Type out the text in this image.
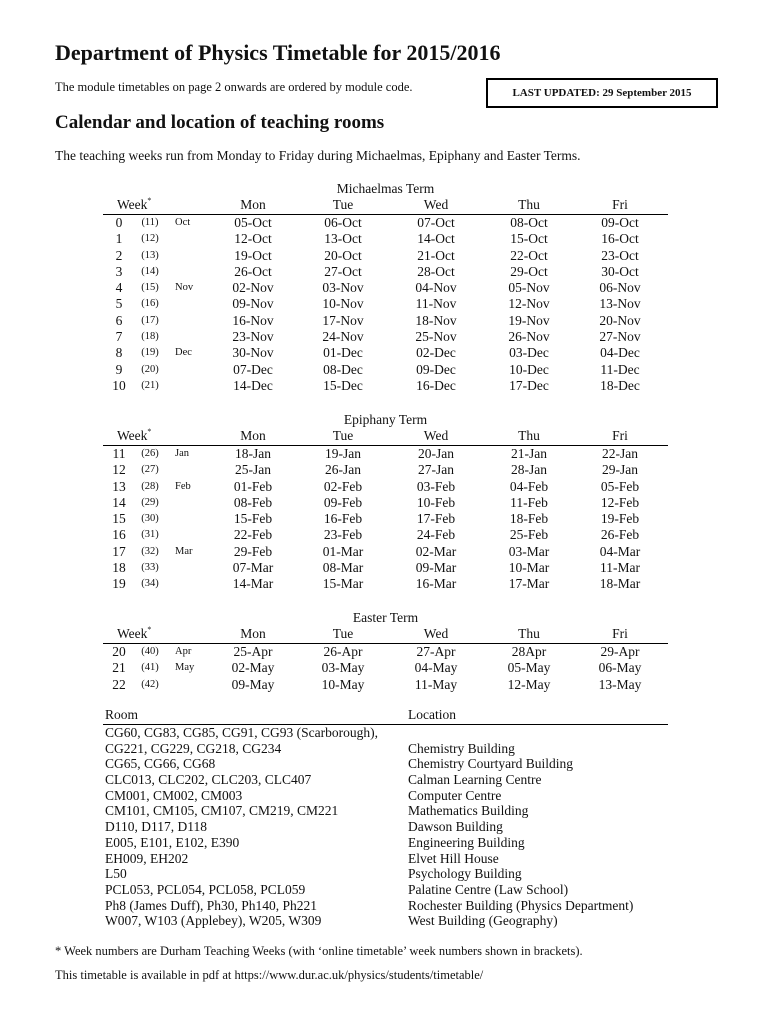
Department of Physics Timetable for 2015/2016
The module timetables on page 2 onwards are ordered by module code.	LAST UPDATED: 29 September 2015
Calendar and location of teaching rooms
The teaching weeks run from Monday to Friday during Michaelmas, Epiphany and Easter Terms.
Michaelmas Term
Week*	Mon	Tue	Wed	Thu	Fri
0	(11)	Oct	05-Oct	06-Oct	07-Oct	08-Oct	09-Oct
1	(12)	12-Oct	13-Oct	14-Oct	15-Oct	16-Oct
2	(13)	19-Oct	20-Oct	21-Oct	22-Oct	23-Oct
3	(14)	26-Oct	27-Oct	28-Oct	29-Oct	30-Oct
4	(15)	Nov	02-Nov	03-Nov	04-Nov	05-Nov	06-Nov
5	(16)	09-Nov	10-Nov	11-Nov	12-Nov	13-Nov
6	(17)	16-Nov	17-Nov	18-Nov	19-Nov	20-Nov
7	(18)	23-Nov	24-Nov	25-Nov	26-Nov	27-Nov
8	(19)	Dec	30-Nov	01-Dec	02-Dec	03-Dec	04-Dec
9	(20)	07-Dec	08-Dec	09-Dec	10-Dec	11-Dec
10	(21)	14-Dec	15-Dec	16-Dec	17-Dec	18-Dec
Epiphany Term
Week*	Mon	Tue	Wed	Thu	Fri
11	(26)	Jan	18-Jan	19-Jan	20-Jan	21-Jan	22-Jan
12	(27)	25-Jan	26-Jan	27-Jan	28-Jan	29-Jan
13	(28)	Feb	01-Feb	02-Feb	03-Feb	04-Feb	05-Feb
14	(29)	08-Feb	09-Feb	10-Feb	11-Feb	12-Feb
15	(30)	15-Feb	16-Feb	17-Feb	18-Feb	19-Feb
16	(31)	22-Feb	23-Feb	24-Feb	25-Feb	26-Feb
17	(32)	Mar	29-Feb	01-Mar	02-Mar	03-Mar	04-Mar
18	(33)	07-Mar	08-Mar	09-Mar	10-Mar	11-Mar
19	(34)	14-Mar	15-Mar	16-Mar	17-Mar	18-Mar
Easter Term
Week*	Mon	Tue	Wed	Thu	Fri
20	(40)	Apr	25-Apr	26-Apr	27-Apr	28Apr	29-Apr
21	(41)	May	02-May	03-May	04-May	05-May	06-May
22	(42)	09-May	10-May	11-May	12-May	13-May
Room	Location
CG60, CG83, CG85, CG91, CG93 (Scarborough),
CG221, CG229, CG218, CG234	Chemistry Building
CG65, CG66, CG68	Chemistry Courtyard Building
CLC013, CLC202, CLC203, CLC407	Calman Learning Centre
CM001, CM002, CM003	Computer Centre
CM101, CM105, CM107, CM219, CM221	Mathematics Building
D110, D117, D118	Dawson Building
E005, E101, E102, E390	Engineering Building
EH009, EH202	Elvet Hill House
L50	Psychology Building
PCL053, PCL054, PCL058, PCL059	Palatine Centre (Law School)
Ph8 (James Duff), Ph30, Ph140, Ph221	Rochester Building (Physics Department)
W007, W103 (Applebey), W205, W309	West Building (Geography)
* Week numbers are Durham Teaching Weeks (with ‘online timetable’ week numbers shown in brackets).
This timetable is available in pdf at https://www.dur.ac.uk/physics/students/timetable/
